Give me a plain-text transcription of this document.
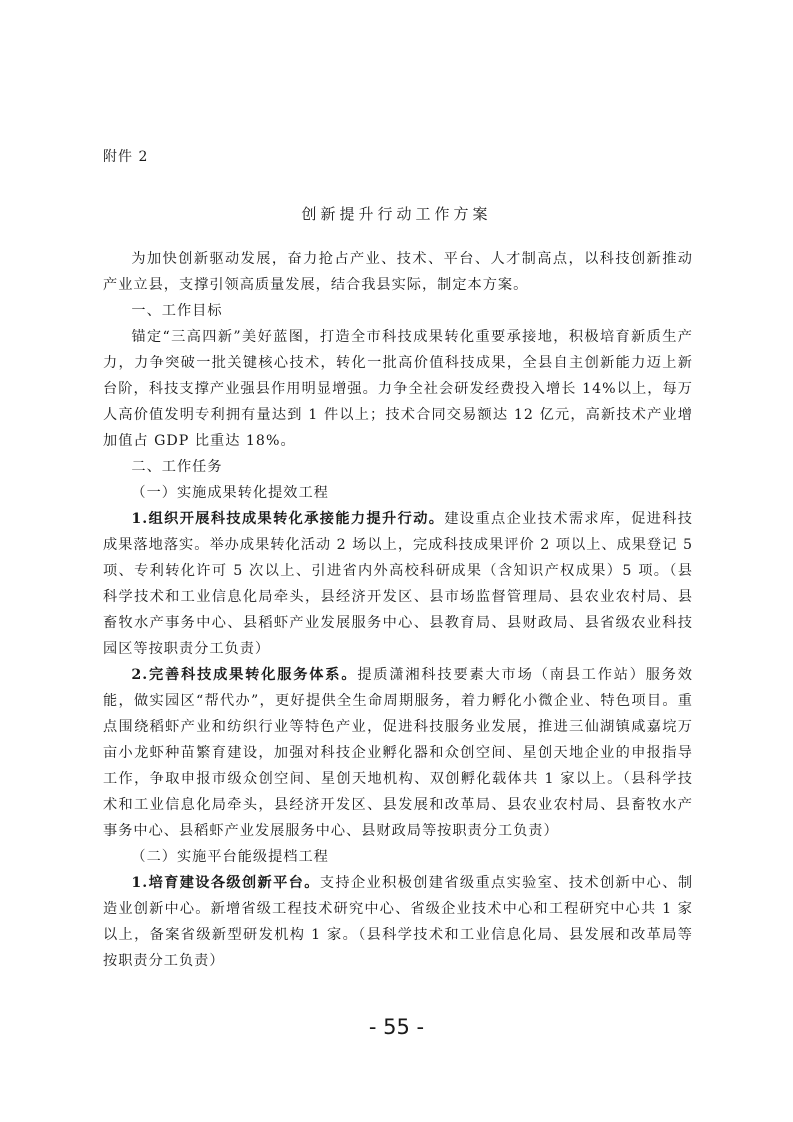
附件 2
创新提升行动工作方案

为加快创新驱动发展，奋力抢占产业、技术、平台、人才制高点，以科技创新推动产业立县，支撑引领高质量发展，结合我县实际，制定本方案。

一、工作目标

锚定“三高四新”美好蓝图，打造全市科技成果转化重要承接地，积极培育新质生产力，力争突破一批关键核心技术，转化一批高价值科技成果，全县自主创新能力迈上新台阶，科技支撑产业强县作用明显增强。力争全社会研发经费投入增长 14%以上，每万人高价值发明专利拥有量达到 1 件以上；技术合同交易额达 12 亿元，高新技术产业增加值占 GDP 比重达 18%。

二、工作任务

（一）实施成果转化提效工程

1.组织开展科技成果转化承接能力提升行动。建设重点企业技术需求库，促进科技成果落地落实。举办成果转化活动 2 场以上，完成科技成果评价 2 项以上、成果登记 5 项、专利转化许可 5 次以上、引进省内外高校科研成果（含知识产权成果）5 项。（县科学技术和工业信息化局牵头，县经济开发区、县市场监督管理局、县农业农村局、县畜牧水产事务中心、县稻虾产业发展服务中心、县教育局、县财政局、县省级农业科技园区等按职责分工负责）

2.完善科技成果转化服务体系。提质潇湘科技要素大市场（南县工作站）服务效能，做实园区“帮代办”，更好提供全生命周期服务，着力孵化小微企业、特色项目。重点围绕稻虾产业和纺织行业等特色产业，促进科技服务业发展，推进三仙湖镇咸嘉垸万亩小龙虾种苗繁育建设，加强对科技企业孵化器和众创空间、星创天地企业的申报指导工作，争取申报市级众创空间、星创天地机构、双创孵化载体共 1 家以上。（县科学技术和工业信息化局牵头，县经济开发区、县发展和改革局、县农业农村局、县畜牧水产事务中心、县稻虾产业发展服务中心、县财政局等按职责分工负责）

（二）实施平台能级提档工程

1.培育建设各级创新平台。支持企业积极创建省级重点实验室、技术创新中心、制造业创新中心。新增省级工程技术研究中心、省级企业技术中心和工程研究中心共 1 家以上，备案省级新型研发机构 1 家。（县科学技术和工业信息化局、县发展和改革局等按职责分工负责）

- 55 -
